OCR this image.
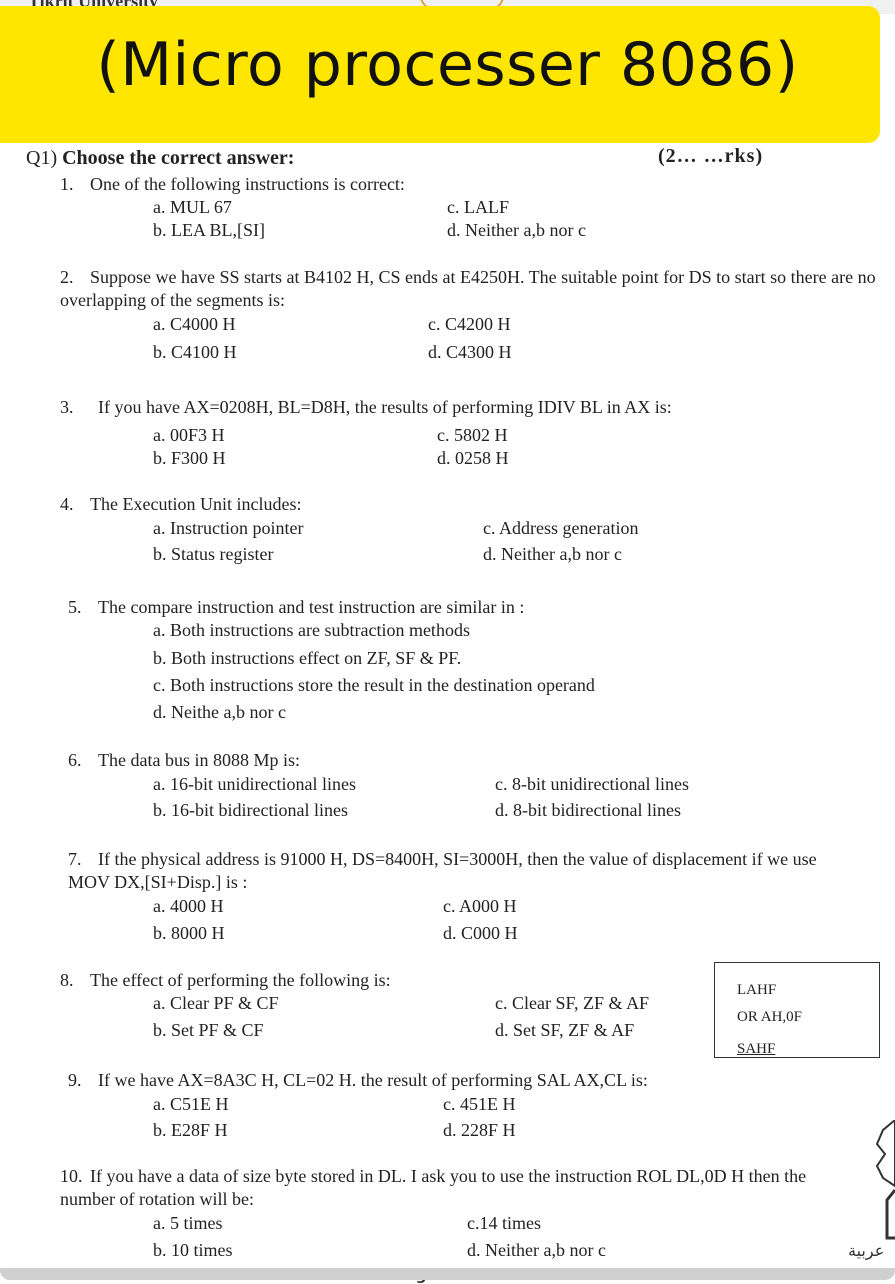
(Micro processer 8086)
Q1) Choose the correct answer:	(2… …rks)
1. One of the following instructions is correct:
a. MUL 67
b. LEA BL,[SI]
c. LALF
d. Neither a,b nor c
2. Suppose we have SS starts at B4102 H, CS ends at E4250H. The suitable point for DS to start so there are no overlapping of the segments is:
a. C4000 H
b. C4100 H
c. C4200 H
d. C4300 H
3. If you have AX=0208H, BL=D8H, the results of performing IDIV BL in AX is:
a. 00F3 H
b. F300 H
c. 5802 H
d. 0258 H
4. The Execution Unit includes:
a. Instruction pointer
b. Status register
c. Address generation
d. Neither a,b nor c
5. The compare instruction and test instruction are similar in :
a. Both instructions are subtraction methods
b. Both instructions effect on ZF, SF & PF.
c. Both instructions store the result in the destination operand
d. Neithe a,b nor c
6. The data bus in 8088 Mp is:
a. 16-bit unidirectional lines
b. 16-bit bidirectional lines
c. 8-bit unidirectional lines
d. 8-bit bidirectional lines
7. If the physical address is 91000 H, DS=8400H, SI=3000H, then the value of displacement if we use MOV DX,[SI+Disp.] is :
a. 4000 H
b. 8000 H
c. A000 H
d. C000 H
8. The effect of performing the following is:
a. Clear PF & CF
b. Set PF & CF
c. Clear SF, ZF & AF
d. Set SF, ZF & AF
LAHF
OR AH,0F
SAHF
9. If we have AX=8A3C H, CL=02 H. the result of performing SAL AX,CL is:
a. C51E H
b. E28F H
c. 451E H
d. 228F H
10. If you have a data of size byte stored in DL. I ask you to use the instruction ROL DL,0D H then the number of rotation will be:
a. 5 times
b. 10 times
c.14 times
d. Neither a,b nor c	عربية
